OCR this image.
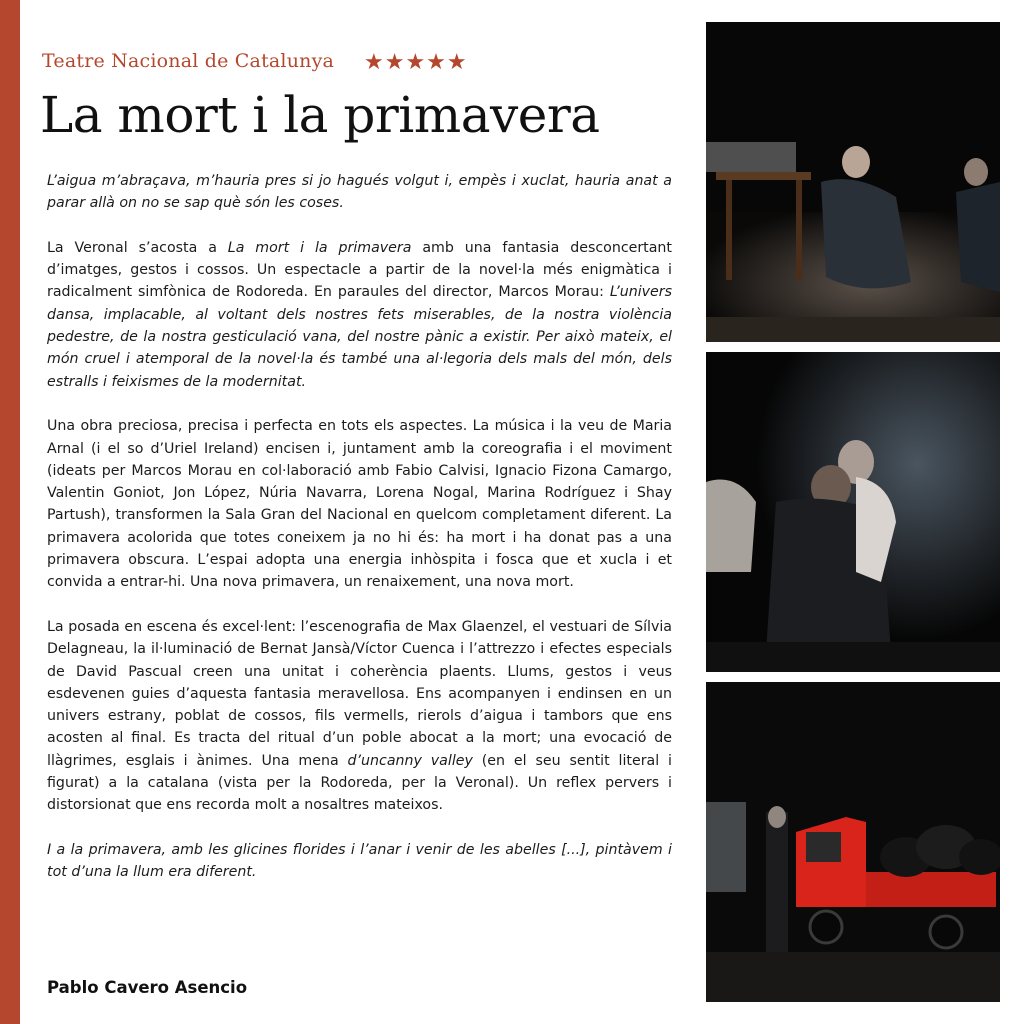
Teatre Nacional de Catalunya ★★★★★
La mort i la primavera

L’aigua m’abraçava, m’hauria pres si jo hagués volgut i, empès i xuclat, hauria anat a parar allà on no se sap què són les coses.

La Veronal s’acosta a La mort i la primavera amb una fantasia desconcertant d’imatges, gestos i cossos. Un espectacle a partir de la novel·la més enigmàtica i radicalment simfònica de Rodoreda. En paraules del director, Marcos Morau: L’univers dansa, implacable, al voltant dels nostres fets miserables, de la nostra violència pedestre, de la nostra gesticulació vana, del nostre pànic a existir. Per això mateix, el món cruel i atemporal de la novel·la és també una al·legoria dels mals del món, dels estralls i feixismes de la modernitat.

Una obra preciosa, precisa i perfecta en tots els aspectes. La música i la veu de Maria Arnal (i el so d’Uriel Ireland) encisen i, juntament amb la coreografia i el moviment (ideats per Marcos Morau en col·laboració amb Fabio Calvisi, Ignacio Fizona Camargo, Valentin Goniot, Jon López, Núria Navarra, Lorena Nogal, Marina Rodríguez i Shay Partush), transformen la Sala Gran del Nacional en quelcom completament diferent. La primavera acolorida que totes coneixem ja no hi és: ha mort i ha donat pas a una primavera obscura. L’espai adopta una energia inhòspita i fosca que et xucla i et convida a entrar-hi. Una nova primavera, un renaixement, una nova mort.

La posada en escena és excel·lent: l’escenografia de Max Glaenzel, el vestuari de Sílvia Delagneau, la il·luminació de Bernat Jansà/Víctor Cuenca i l’attrezzo i efectes especials de David Pascual creen una unitat i coherència plaents. Llums, gestos i veus esdevenen guies d’aquesta fantasia meravellosa. Ens acompanyen i endinsen en un univers estrany, poblat de cossos, fils vermells, rierols d’aigua i tambors que ens acosten al final. Es tracta del ritual d’un poble abocat a la mort; una evocació de llàgrimes, esglais i ànimes. Una mena d’uncanny valley (en el seu sentit literal i figurat) a la catalana (vista per la Rodoreda, per la Veronal). Un reflex pervers i distorsionat que ens recorda molt a nosaltres mateixos.

I a la primavera, amb les glicines florides i l’anar i venir de les abelles [...], pintàvem i tot d’una la llum era diferent.

Pablo Cavero Asencio
